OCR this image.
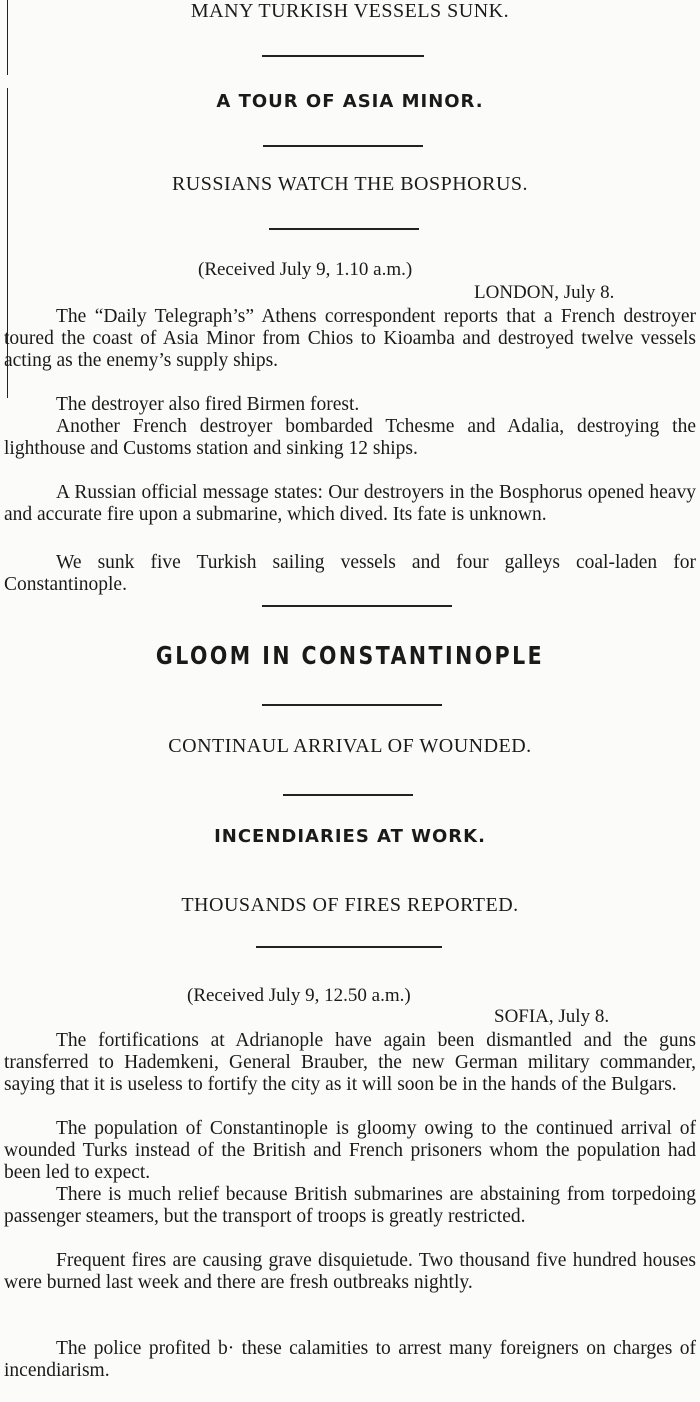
MANY TURKISH VESSELS SUNK.
A TOUR OF ASIA MINOR.
RUSSIANS WATCH THE BOSPHORUS.
(Received July 9, 1.10 a.m.)
LONDON, July 8.

The “Daily Telegraph’s” Athens correspondent reports that a French destroyer toured the coast of Asia Minor from Chios to Kioamba and destroyed twelve vessels acting as the enemy’s supply ships.

The destroyer also fired Birmen forest.

Another French destroyer bombarded Tchesme and Adalia, destroying the lighthouse and Customs station and sinking 12 ships.

A Russian official message states: Our destroyers in the Bosphorus opened heavy and accurate fire upon a submarine, which dived. Its fate is unknown.

We sunk five Turkish sailing vessels and four galleys coal-laden for Constantinople.

GLOOM IN CONSTANTINOPLE
CONTINAUL ARRIVAL OF WOUNDED.
INCENDIARIES AT WORK.
THOUSANDS OF FIRES REPORTED.
(Received July 9, 12.50 a.m.)
SOFIA, July 8.

The fortifications at Adrianople have again been dismantled and the guns transferred to Hademkeni, General Brauber, the new German military commander, saying that it is useless to fortify the city as it will soon be in the hands of the Bulgars.

The population of Constantinople is gloomy owing to the continued arrival of wounded Turks instead of the British and French prisoners whom the population had been led to expect.

There is much relief because British submarines are abstaining from torpedoing passenger steamers, but the transport of troops is greatly restricted.

Frequent fires are causing grave disquietude. Two thousand five hundred houses were burned last week and there are fresh outbreaks nightly.

The police profited b· these calamities to arrest many foreigners on charges of incendiarism.
